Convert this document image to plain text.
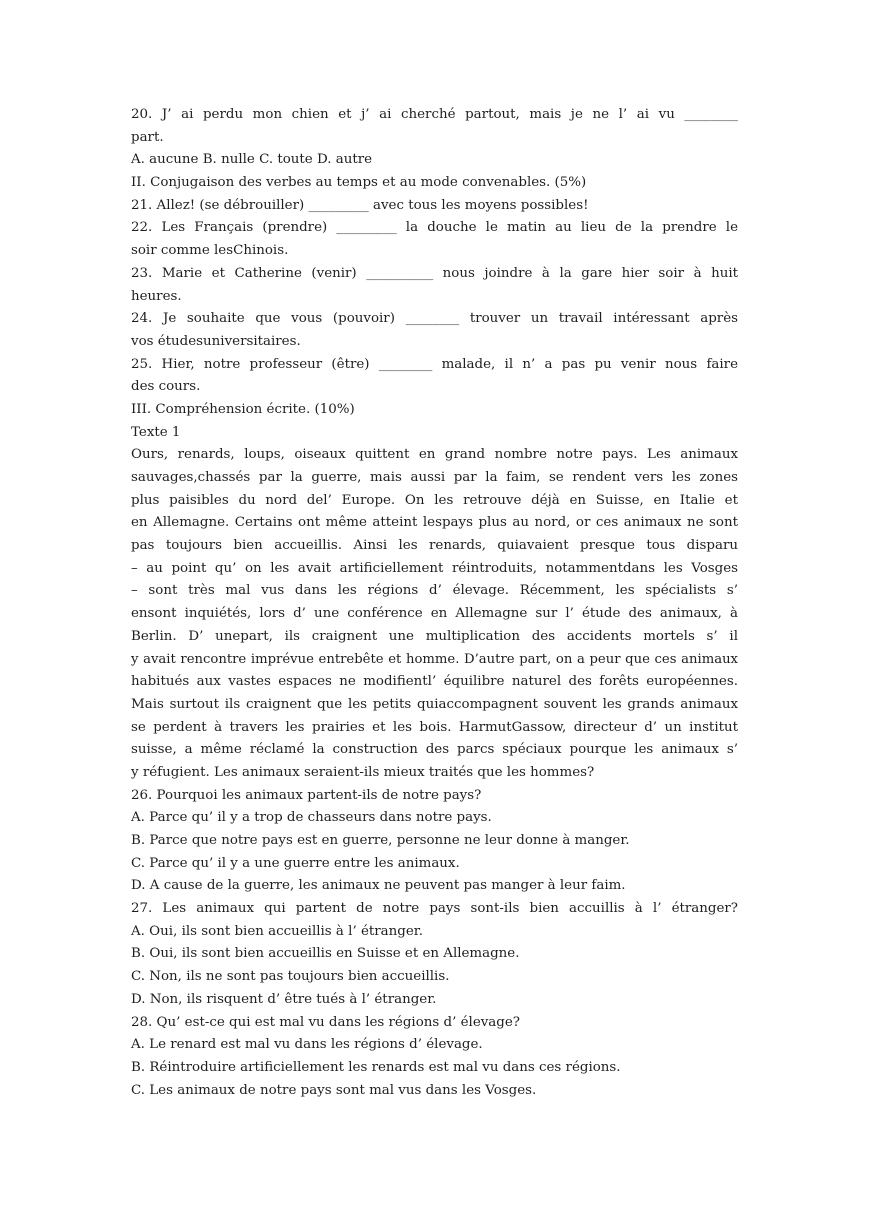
20. J’ ai perdu mon chien et j’ ai cherché partout, mais je ne l’ ai vu ________
part.
A. aucune B. nulle C. toute D. autre
II. Conjugaison des verbes au temps et au mode convenables. (5%)
21. Allez! (se débrouiller) _________ avec tous les moyens possibles!
22. Les Français (prendre) _________ la douche le matin au lieu de la prendre le
soir comme lesChinois.
23. Marie et Catherine (venir) __________ nous joindre à la gare hier soir à huit
heures.
24. Je souhaite que vous (pouvoir) ________ trouver un travail intéressant après
vos étudesuniversitaires.
25. Hier, notre professeur (être) ________ malade, il n’ a pas pu venir nous faire
des cours.
III. Compréhension écrite. (10%)
Texte 1
Ours, renards, loups, oiseaux quittent en grand nombre notre pays. Les animaux
sauvages,chassés par la guerre, mais aussi par la faim, se rendent vers les zones
plus paisibles du nord del’ Europe. On les retrouve déjà en Suisse, en Italie et
en Allemagne. Certains ont même atteint lespays plus au nord, or ces animaux ne sont
pas toujours bien accueillis. Ainsi les renards, quiavaient presque tous disparu
– au point qu’ on les avait artificiellement réintroduits, notammentdans les Vosges
– sont très mal vus dans les régions d’ élevage. Récemment, les spécialists s’
ensont inquiétés, lors d’ une conférence en Allemagne sur l’ étude des animaux, à
Berlin. D’ unepart, ils craignent une multiplication des accidents mortels s’ il
y avait rencontre imprévue entrebête et homme. D’autre part, on a peur que ces animaux
habitués aux vastes espaces ne modifientl’ équilibre naturel des forêts européennes.
Mais surtout ils craignent que les petits quiaccompagnent souvent les grands animaux
se perdent à travers les prairies et les bois. HarmutGassow, directeur d’ un institut
suisse, a même réclamé la construction des parcs spéciaux pourque les animaux s’
y réfugient. Les animaux seraient-ils mieux traités que les hommes?
26. Pourquoi les animaux partent-ils de notre pays?
A. Parce qu’ il y a trop de chasseurs dans notre pays.
B. Parce que notre pays est en guerre, personne ne leur donne à manger.
C. Parce qu’ il y a une guerre entre les animaux.
D. A cause de la guerre, les animaux ne peuvent pas manger à leur faim.
27. Les animaux qui partent de notre pays sont-ils bien accuillis à l’ étranger?
A. Oui, ils sont bien accueillis à l’ étranger.
B. Oui, ils sont bien accueillis en Suisse et en Allemagne.
C. Non, ils ne sont pas toujours bien accueillis.
D. Non, ils risquent d’ être tués à l’ étranger.
28. Qu’ est-ce qui est mal vu dans les régions d’ élevage?
A. Le renard est mal vu dans les régions d’ élevage.
B. Réintroduire artificiellement les renards est mal vu dans ces régions.
C. Les animaux de notre pays sont mal vus dans les Vosges.
